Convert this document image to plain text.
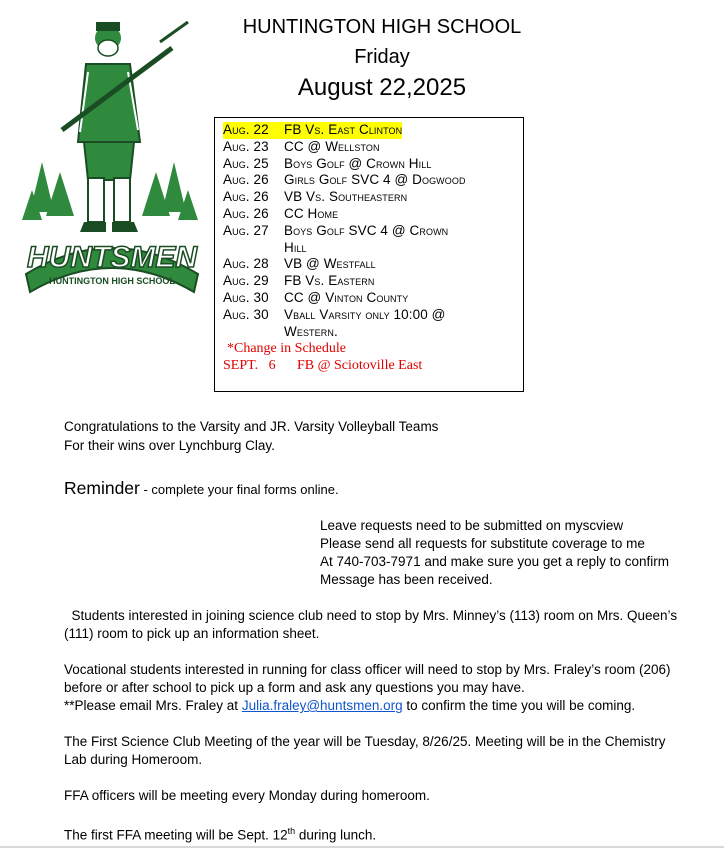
HUNTSMEN
HUNTINGTON HIGH SCHOOL
HUNTINGTON HIGH SCHOOL
Friday
August 22,2025
Aug. 22	FB Vs. East Clinton
Aug. 23	CC @ Wellston
Aug. 25	Boys Golf @ Crown Hill
Aug. 26	Girls Golf SVC 4 @ Dogwood
Aug. 26	VB Vs. Southeastern
Aug. 26	CC Home
Aug. 27	Boys Golf SVC 4 @ Crown Hill
Aug. 28	VB @ Westfall
Aug. 29	FB Vs. Eastern
Aug. 30	CC @ Vinton County
Aug. 30	Vball Varsity only 10:00 @ Western.
*Change in Schedule
SEPT.   6	FB @ Sciotoville East
Congratulations to the Varsity and JR. Varsity Volleyball Teams
For their wins over Lynchburg Clay.
Reminder - complete your final forms online.
Leave requests need to be submitted on myscview
Please send all requests for substitute coverage to me
At 740-703-7971 and make sure you get a reply to confirm
Message has been received.
Students interested in joining science club need to stop by Mrs. Minney’s (113) room on Mrs. Queen’s
(111) room to pick up an information sheet.
Vocational students interested in running for class officer will need to stop by Mrs. Fraley’s room (206)
before or after school to pick up a form and ask any questions you may have.
**Please email Mrs. Fraley at Julia.fraley@huntsmen.org to confirm the time you will be coming.
The First Science Club Meeting of the year will be Tuesday, 8/26/25. Meeting will be in the Chemistry
Lab during Homeroom.
FFA officers will be meeting every Monday during homeroom.
The first FFA meeting will be Sept. 12th during lunch.
